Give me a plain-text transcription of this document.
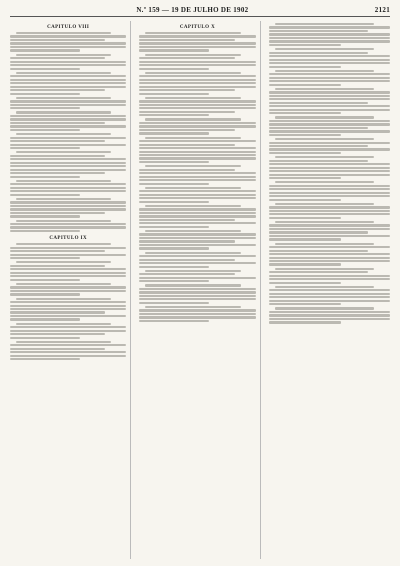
N.º 159 — 19 DE JULHO DE 1902	2121
CAPITULO VIII
CAPITULO IX
CAPITULO X
